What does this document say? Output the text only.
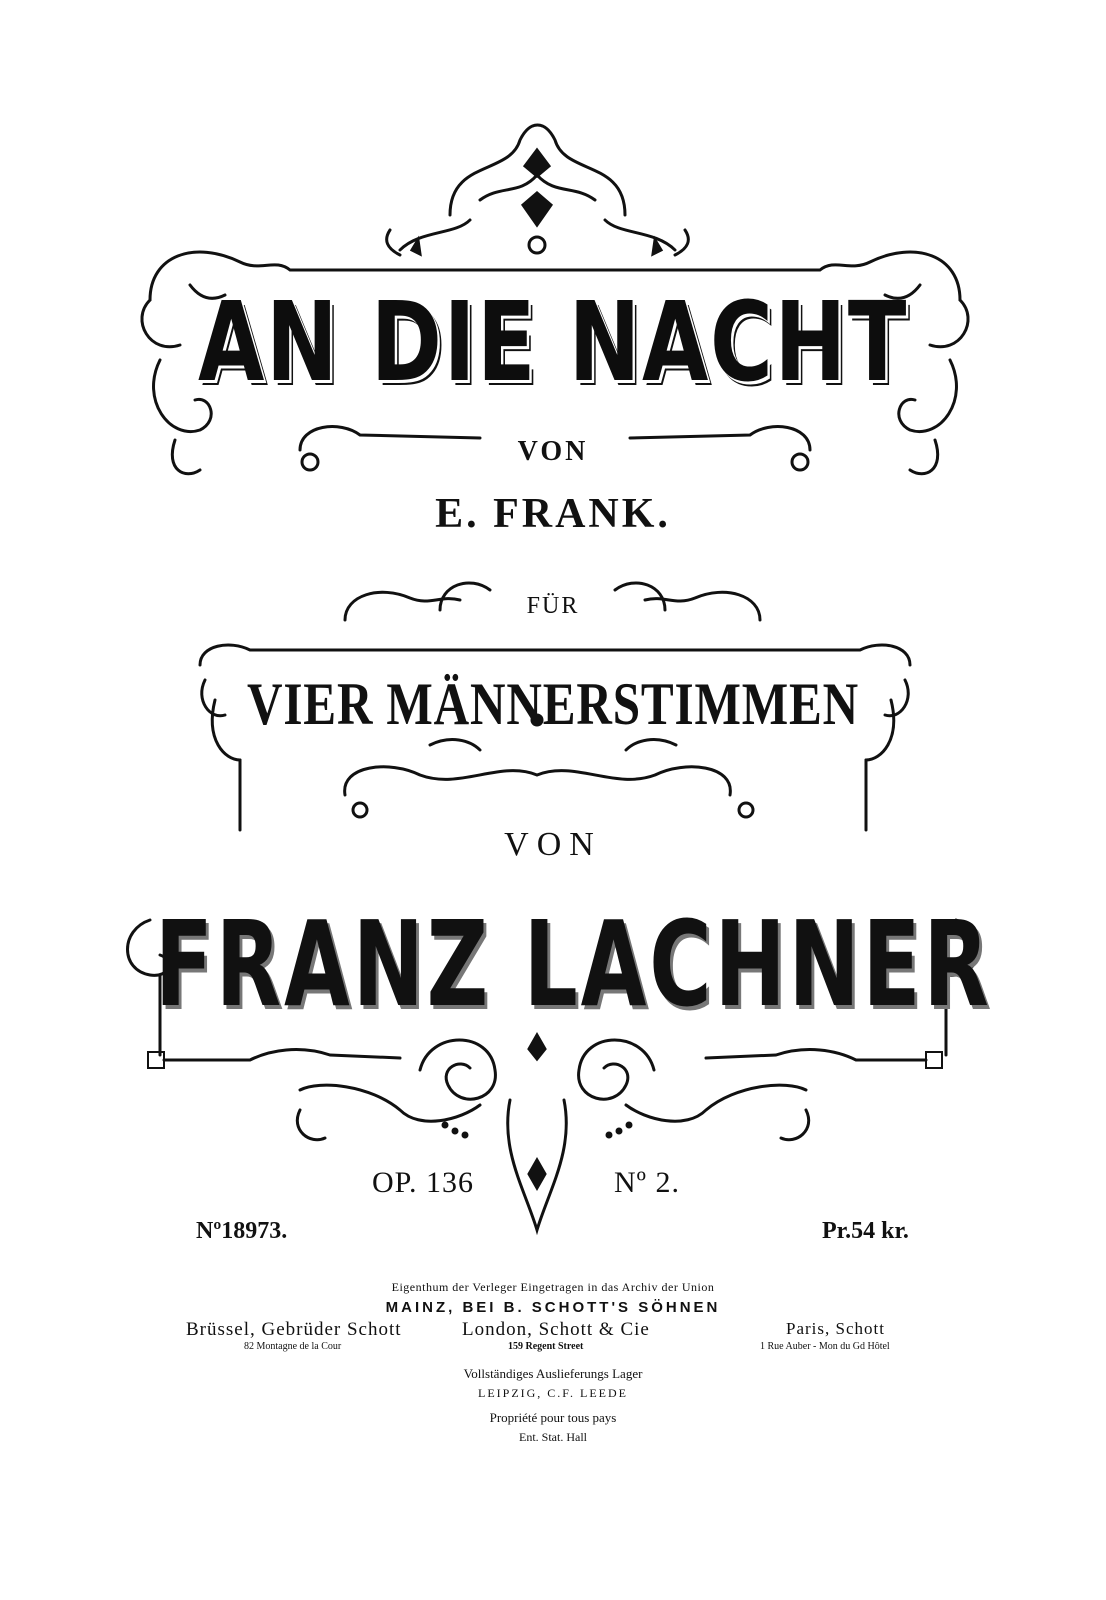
AN DIE NACHT
VON
E. FRANK.
FÜR
VIER MÄNNERSTIMMEN
VON
FRANZ LACHNER
OP. 136	Nº 2.
Nº18973.	Pr.54 kr.
Eigenthum der Verleger Eingetragen in das Archiv der Union
MAINZ, BEI B. SCHOTT'S SÖHNEN
Brüssel, Gebrüder Schott
82 Montagne de la Cour
London, Schott & Cie
159 Regent Street
Paris, Schott
1 Rue Auber - Mon du Gd Hôtel
Vollständiges Auslieferungs Lager
LEIPZIG, C.F. LEEDE
Propriété pour tous pays
Ent. Stat. Hall
